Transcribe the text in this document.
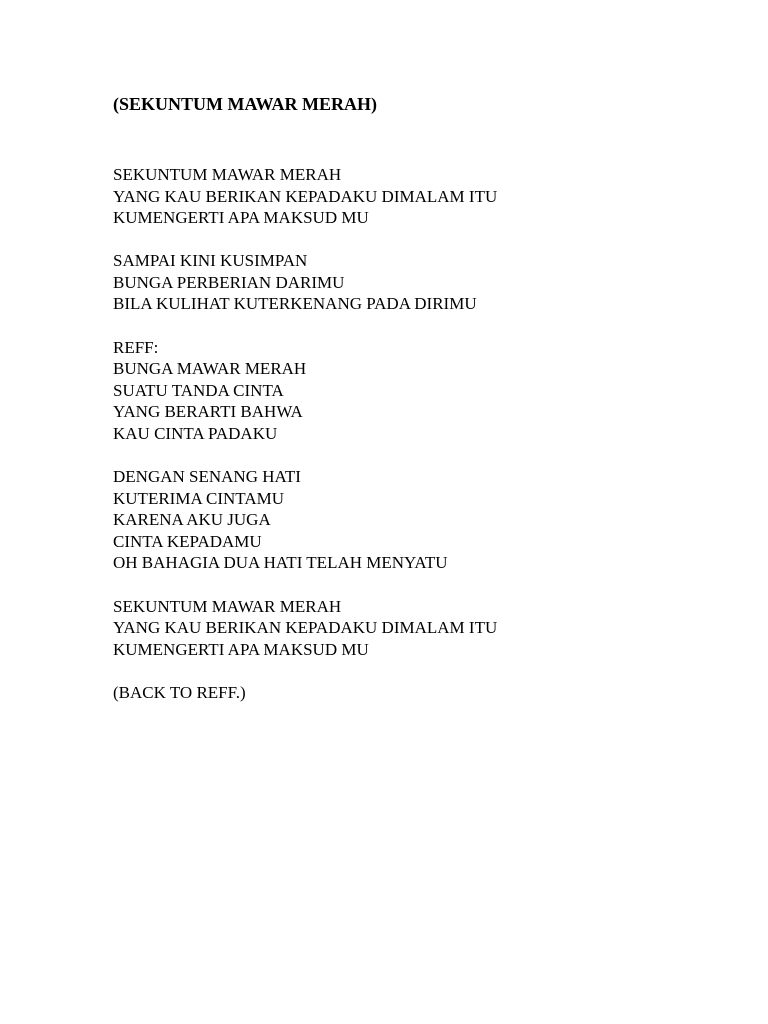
(SEKUNTUM MAWAR MERAH)
SEKUNTUM MAWAR MERAH
YANG KAU BERIKAN KEPADAKU DIMALAM ITU
KUMENGERTI APA MAKSUD MU
SAMPAI KINI KUSIMPAN
BUNGA PERBERIAN DARIMU
BILA KULIHAT KUTERKENANG PADA DIRIMU
REFF:
BUNGA MAWAR MERAH
SUATU TANDA CINTA
YANG BERARTI BAHWA
KAU CINTA PADAKU
DENGAN SENANG HATI
KUTERIMA CINTAMU
KARENA AKU JUGA
CINTA KEPADAMU
OH BAHAGIA DUA HATI TELAH MENYATU
SEKUNTUM MAWAR MERAH
YANG KAU BERIKAN KEPADAKU DIMALAM ITU
KUMENGERTI APA MAKSUD MU
(BACK TO REFF.)
